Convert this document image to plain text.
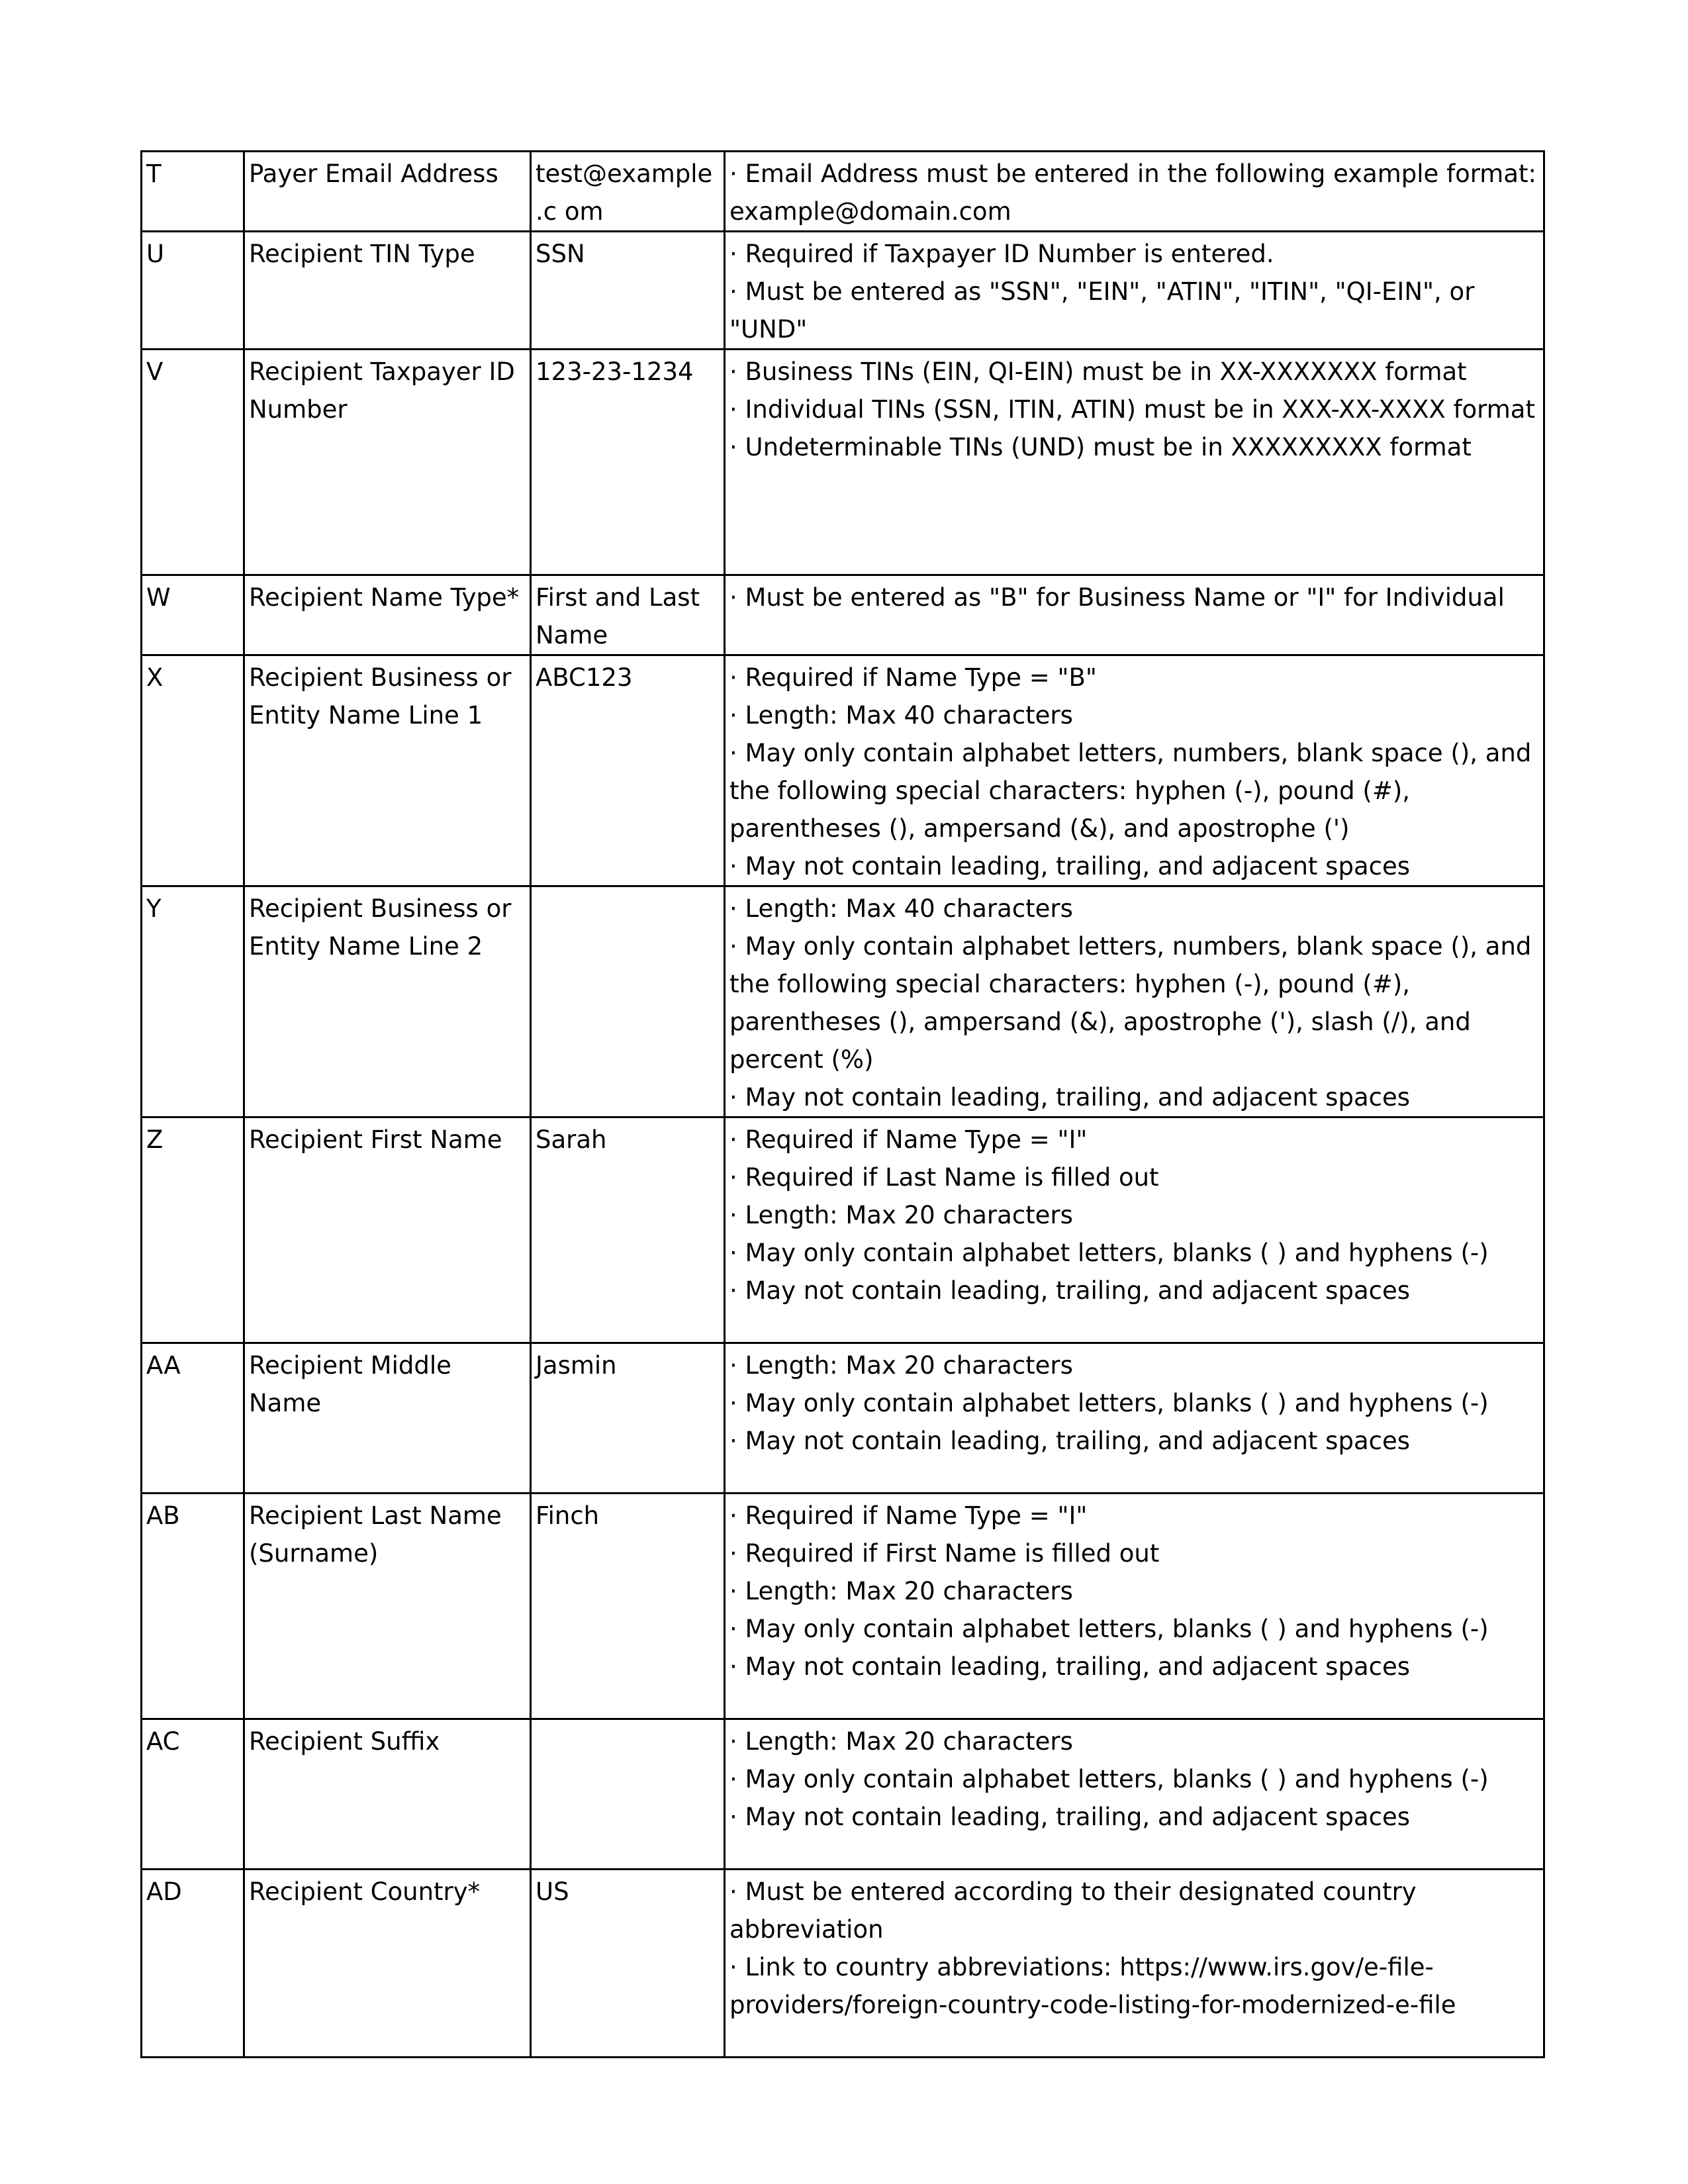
T	Payer Email Address	test@example.c om	· Email Address must be entered in the following example format: example@domain.com

U	Recipient TIN Type	SSN	· Required if Taxpayer ID Number is entered.
· Must be entered as "SSN", "EIN", "ATIN", "ITIN", "QI-EIN", or "UND"

V	Recipient Taxpayer ID Number	123-23-1234	· Business TINs (EIN, QI-EIN) must be in XX-XXXXXXX format
· Individual TINs (SSN, ITIN, ATIN) must be in XXX-XX-XXXX format
· Undeterminable TINs (UND) must be in XXXXXXXXX format

W	Recipient Name Type*	First and Last Name	· Must be entered as "B" for Business Name or "I" for Individual

X	Recipient Business or Entity Name Line 1	ABC123	· Required if Name Type = "B"
· Length: Max 40 characters
· May only contain alphabet letters, numbers, blank space (), and the following special characters: hyphen (-), pound (#), parentheses (), ampersand (&), and apostrophe (')
· May not contain leading, trailing, and adjacent spaces

Y	Recipient Business or Entity Name Line 2		· Length: Max 40 characters
· May only contain alphabet letters, numbers, blank space (), and the following special characters: hyphen (-), pound (#), parentheses (), ampersand (&), apostrophe ('), slash (/), and percent (%)
· May not contain leading, trailing, and adjacent spaces

Z	Recipient First Name	Sarah	· Required if Name Type = "I"
· Required if Last Name is filled out
· Length: Max 20 characters
· May only contain alphabet letters, blanks ( ) and hyphens (-)
· May not contain leading, trailing, and adjacent spaces

AA	Recipient Middle Name	Jasmin	· Length: Max 20 characters
· May only contain alphabet letters, blanks ( ) and hyphens (-)
· May not contain leading, trailing, and adjacent spaces

AB	Recipient Last Name (Surname)	Finch	· Required if Name Type = "I"
· Required if First Name is filled out
· Length: Max 20 characters
· May only contain alphabet letters, blanks ( ) and hyphens (-)
· May not contain leading, trailing, and adjacent spaces

AC	Recipient Suffix		· Length: Max 20 characters
· May only contain alphabet letters, blanks ( ) and hyphens (-)
· May not contain leading, trailing, and adjacent spaces

AD	Recipient Country*	US	· Must be entered according to their designated country abbreviation
· Link to country abbreviations: https://www.irs.gov/e-file-providers/foreign-country-code-listing-for-modernized-e-file
